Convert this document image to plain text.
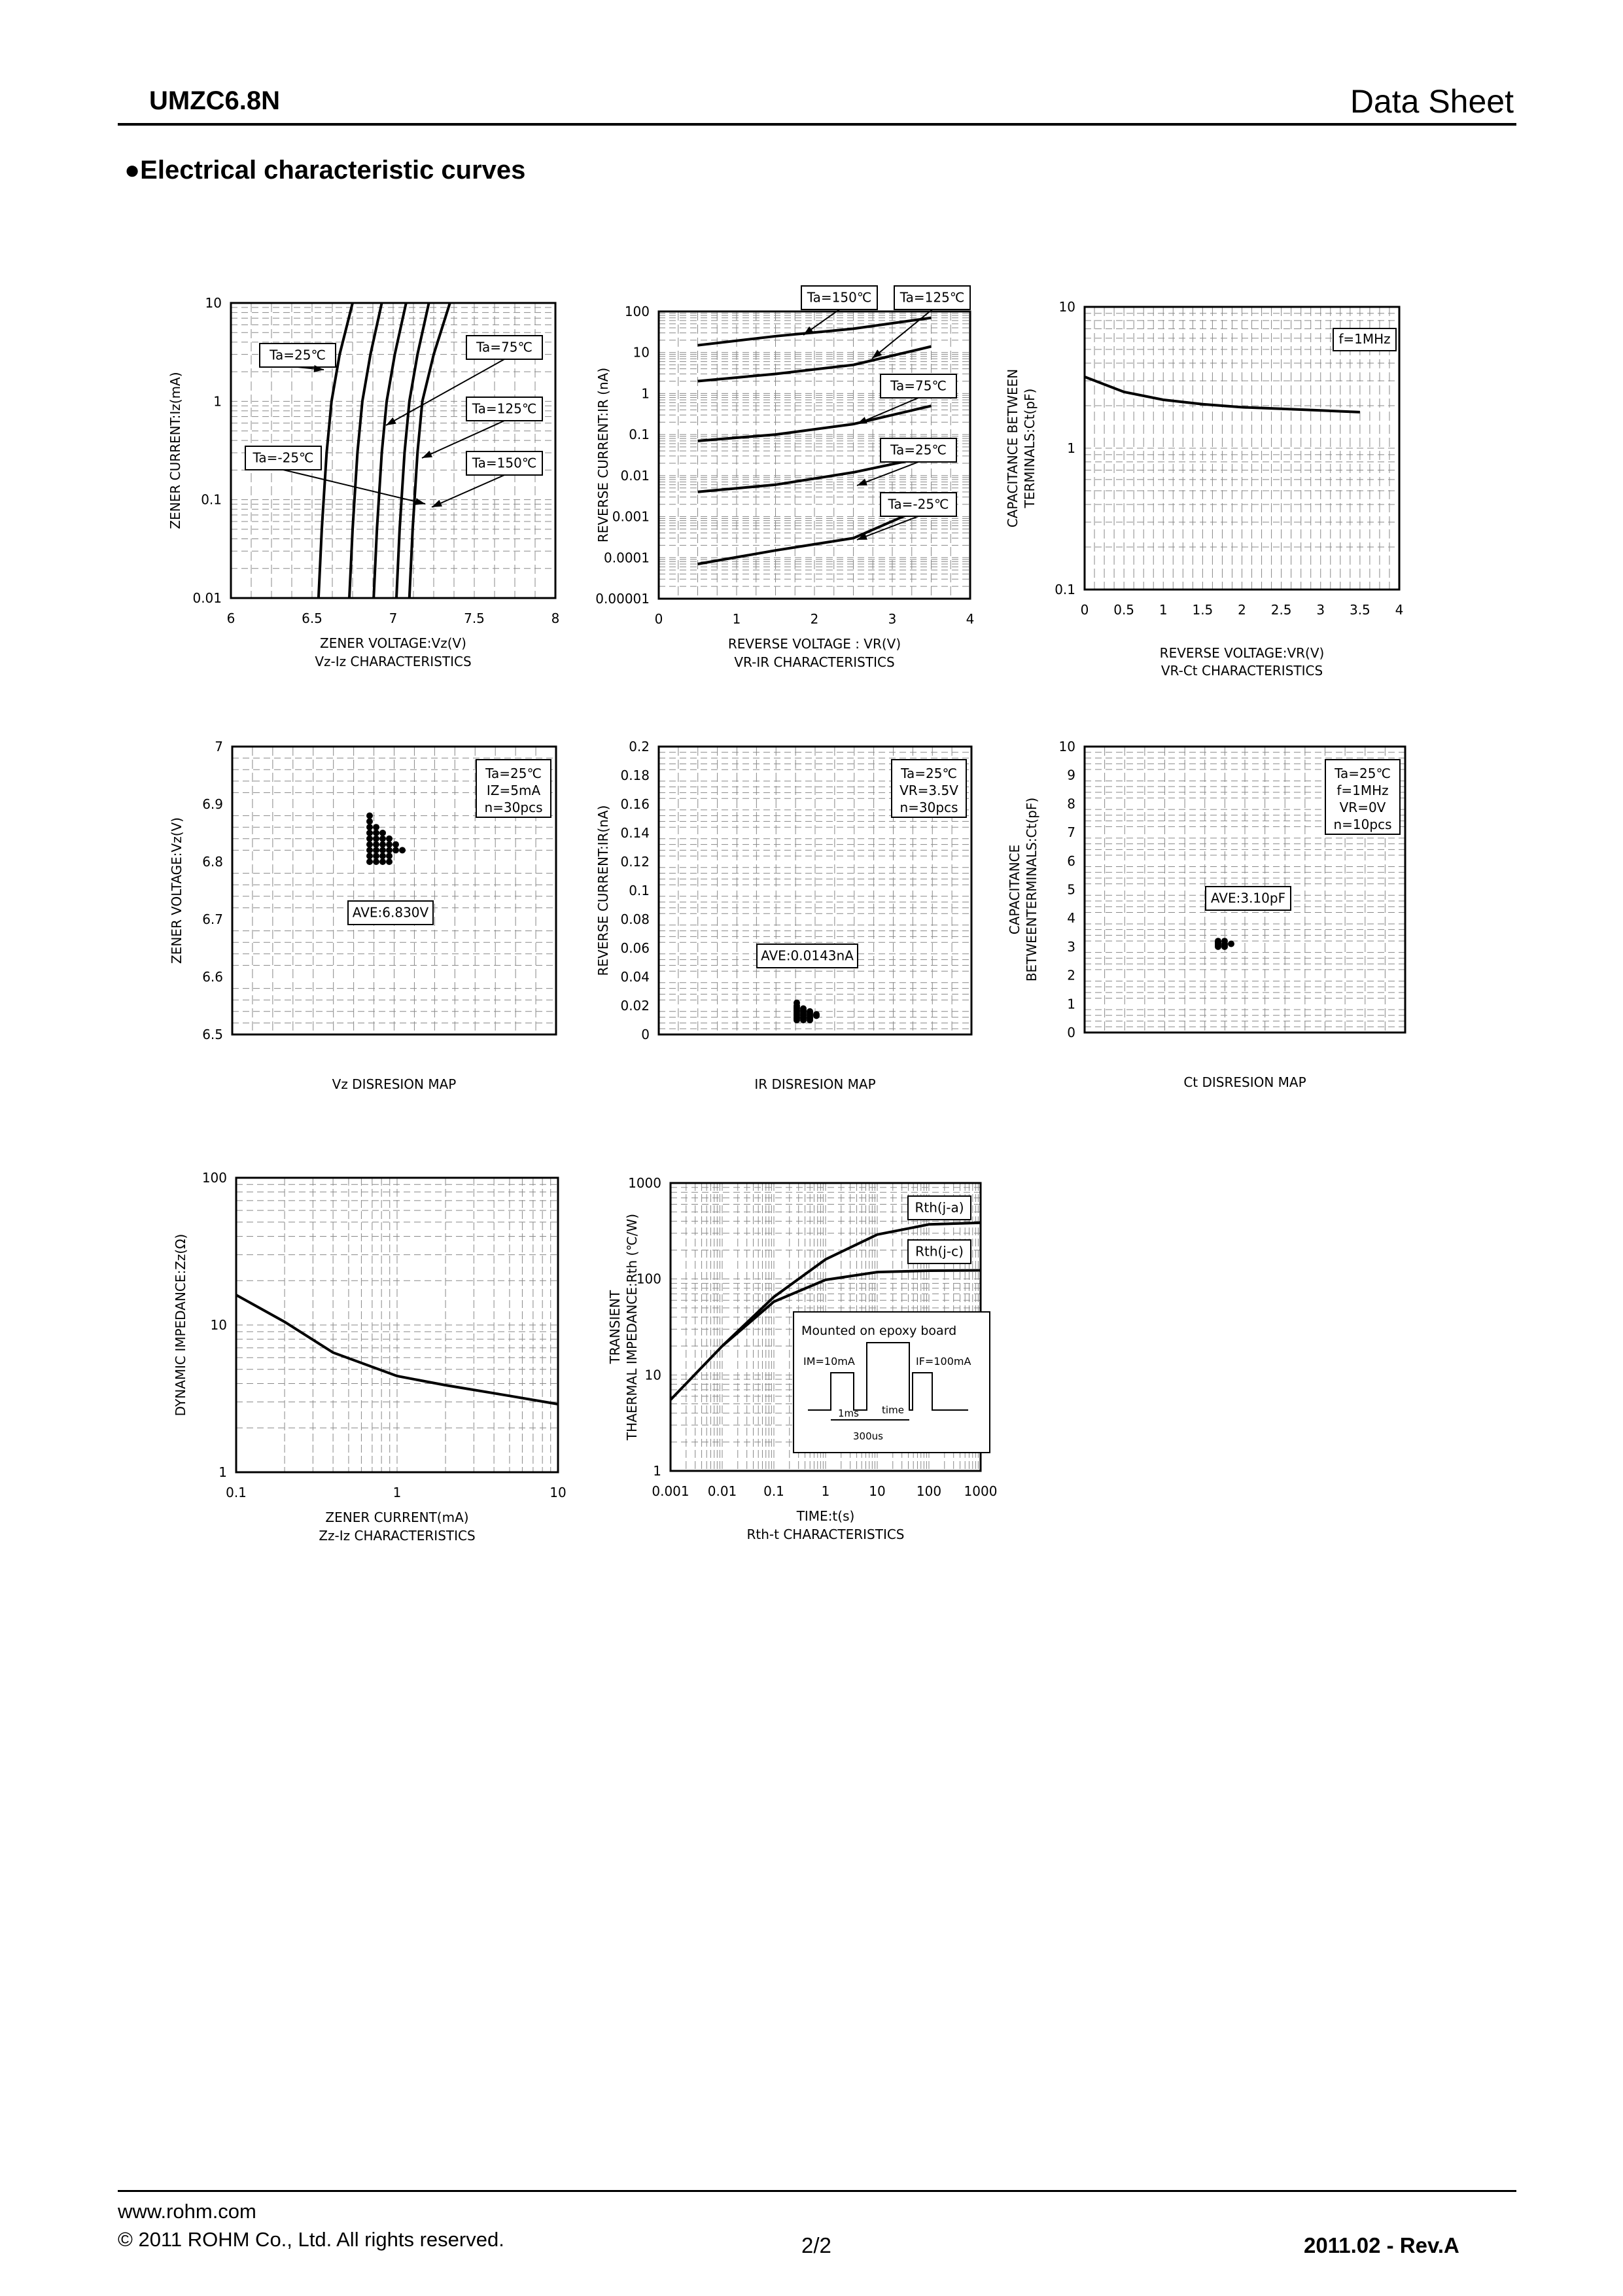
UMZC6.8N	Data Sheet
●Electrical characteristic curves
10
1
0.1
0.01
6	6.5	7	7.5	8
ZENER CURRENT:Iz(mA)
ZENER VOLTAGE:Vz(V)
Vz-Iz CHARACTERISTICS
Ta=-25℃
Ta=25℃	Ta=75℃
Ta=125℃
Ta=150℃
100
10
1
0.1
0.01
0.001
0.0001
0.00001
0	1	2	3	4
REVERSE CURRENT:IR (nA)
REVERSE VOLTAGE : VR(V)
VR-IR CHARACTERISTICS
Ta=150℃ Ta=125℃
Ta=75℃
Ta=25℃
Ta=-25℃
10
1
0.1
0 0.5 1 1.5 2 2.5 3 3.5 4
CAPACITANCE BETWEEN TERMINALS:Ct(pF)
REVERSE VOLTAGE:VR(V)
VR-Ct CHARACTERISTICS
f=1MHz
100
10
1
0.1	1	10
DYNAMIC IMPEDANCE:Zz(Ω)
ZENER CURRENT(mA)
Zz-Iz CHARACTERISTICS
1000
100
10
1
0.001 0.01 0.1	1	10 100 1000
TRANSIENT THAERMAL IMPEDANCE:Rth (℃/W)
TIME:t(s)
Rth-t CHARACTERISTICS
Rth(j-a)
Rth(j-c)
Mounted on epoxy board
IM=10mA	IF=100mA
1ms time
300us
7
6.9
6.8
6.7
6.6
6.5
Ta=25℃
IZ=5mA
n=30pcs
AVE:6.830V
ZENER VOLTAGE:Vz(V)
Vz DISRESION MAP
0.2
0.18
0.16
0.14
0.12
0.1
0.08
0.06
0.04
0.02
0
Ta=25℃
VR=3.5V
n=30pcs
AVE:0.0143nA
REVERSE CURRENT:IR(nA)
IR DISRESION MAP
10
9
8
7
6
5
4
3
2
1
0
Ta=25℃
f=1MHz
VR=0V
n=10pcs
AVE:3.10pF
CAPACITANCE BETWEENTERMINALS:Ct(pF)
Ct DISRESION MAP
www.rohm.com
© 2011 ROHM Co., Ltd. All rights reserved.	2/2	2011.02 - Rev.A
